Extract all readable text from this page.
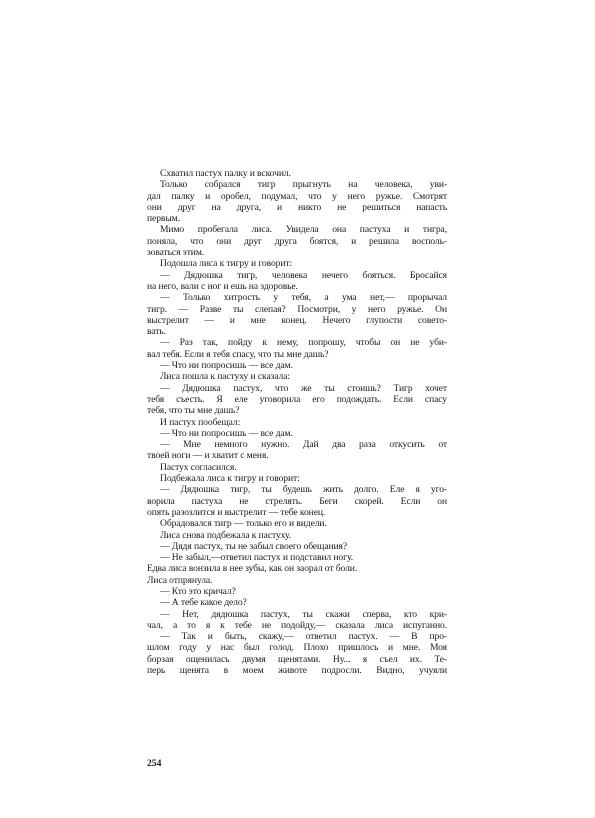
Схватил пастух палку и вскочил.
Только собрался тигр прыгнуть на человека, уви-
дал палку и оробел, подумал, что у него ружье. Смотрят
они друг на друга, и никто не решиться напасть
первым.
Мимо пробегала лиса. Увидела она пастуха и тигра,
поняла, что они друг друга боятся, и решила восполь-
зоваться этим.
Подошла лиса к тигру и говорит:
— Дядюшка тигр, человека нечего бояться. Бросайся
на него, вали с ног и ешь на здоровье.
— Только хитрость у тебя, а ума нет,— прорычал
тигр. — Разве ты слепая? Посмотри, у него ружье. Он
выстрелит — и мне конец. Нечего глупости совето-
вать.
— Раз так, пойду к нему, попрошу, чтобы он не уби-
вал тебя. Если я тебя спасу, что ты мне дашь?
— Что ни попросишь — все дам.
Лиса пошла к пастуху и сказала:
— Дядюшка пастух, что же ты стоишь? Тигр хочет
тебя съесть. Я еле уговорила его подождать. Если спасу
тебя, что ты мне дашь?
И пастух пообещал:
— Что ни попросишь — все дам.
— Мне немного нужно. Дай два раза откусить от
твоей ноги — и хватит с меня.
Пастух согласился.
Подбежала лиса к тигру и говорит:
— Дядюшка тигр, ты будешь жить долго. Еле я уго-
ворила пастуха не стрелять. Беги скорей. Если он
опять разозлится и выстрелит — тебе конец.
Обрадовался тигр — только его и видели.
Лиса снова подбежала к пастуху.
— Дядя пастух, ты не забыл своего обещания?
— Не забыл,—ответил пастух и подставил ногу.
Едва лиса вонзила в нее зубы, как он заорал от боли.
Лиса отпрянула.
— Кто это кричал?
— А тебе какое дело?
— Нет, дядюшка пастух, ты скажи сперва, кто кри-
чал, а то я к тебе не подойду,— сказала лиса испуганно.
— Так и быть, скажу,— ответил пастух. — В про-
шлом году у нас был голод. Плохо пришлось и мне. Моя
борзая ощенилась двумя щенятами. Ну... я съел их. Те-
перь щенята в моем животе подросли. Видно, учуяли
254
